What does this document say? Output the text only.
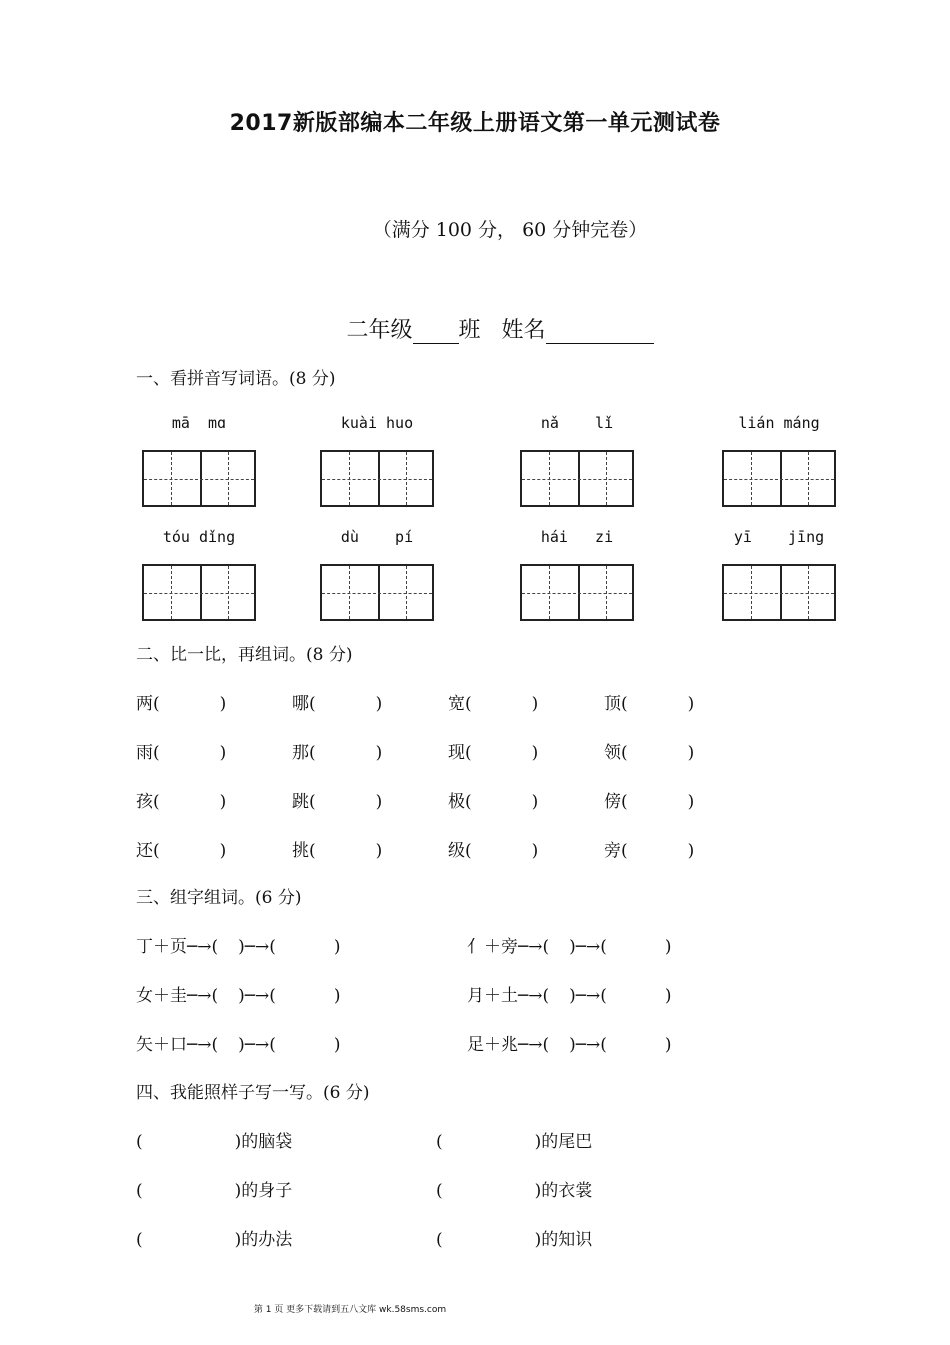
2017新版部编本二年级上册语文第一单元测试卷
（满分 100 分， 60 分钟完卷）
二年级 班 姓名
一、看拼音写词语。(8 分)
mā  mɑ	kuài huo	nǎ    lǐ	lián máng
tóu dǐng	dù    pí	hái   zi	yī    jīng
二、比一比，再组词。(8 分)
两(	)	哪(	)	宽(	)	顶(	)
雨(	)	那(	)	现(	)	领(	)
孩(	)	跳(	)	极(	)	傍(	)
还(	)	挑(	)	级(	)	旁(	)
三、组字组词。(6 分)
丁＋页─→( )─→(	)	亻＋旁─→( )─→(	)
女＋圭─→( )─→(	)	月＋土─→( )─→(	)
矢＋口─→( )─→(	)	足＋兆─→( )─→(	)
四、我能照样子写一写。(6 分)
(	)的脑袋	(	)的尾巴
(	)的身子	(	)的衣裳
(	)的办法	(	)的知识
第 1 页 更多下载请到五八文库 wk.58sms.com
